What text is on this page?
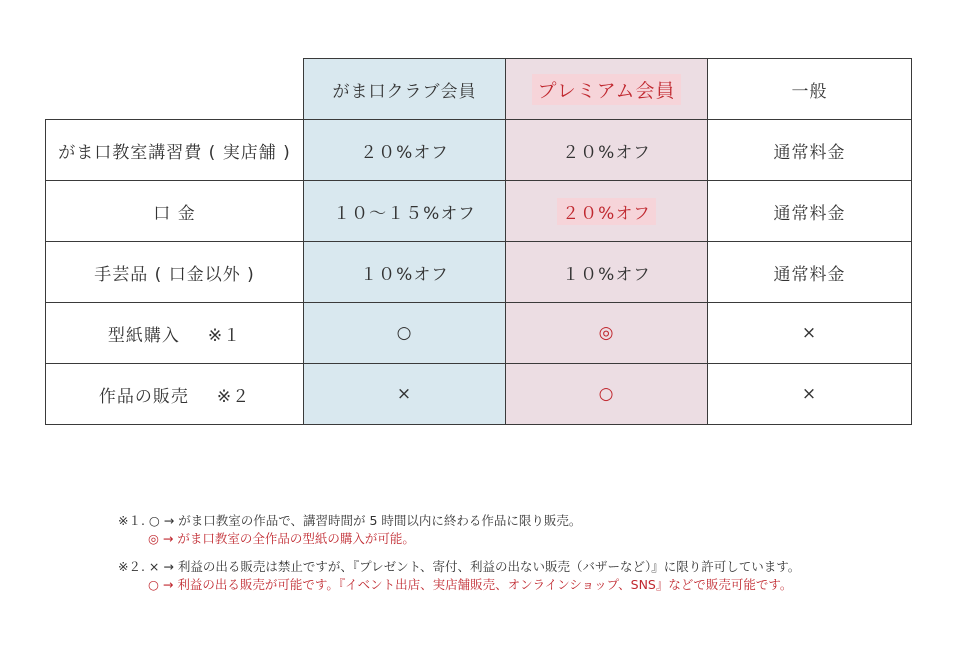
	がま口クラブ会員	プレミアム会員	一般
がま口教室講習費 ( 実店舗 )	２０%オフ	２０%オフ	通常料金
口 金	１０～１５%オフ	２０%オフ	通常料金
手芸品 ( 口金以外 )	１０%オフ	１０%オフ	通常料金
型紙購入 ※１	○	◎	×
作品の販売 ※２	×	○	×
※１. ○ → がま口教室の作品で、講習時間が 5 時間以内に終わる作品に限り販売。
◎ → がま口教室の全作品の型紙の購入が可能。
※２. × → 利益の出る販売は禁止ですが、『プレゼント、寄付、利益の出ない販売（バザーなど）』に限り許可しています。
○ → 利益の出る販売が可能です。『イベント出店、実店舗販売、オンラインショップ、SNS』などで販売可能です。
